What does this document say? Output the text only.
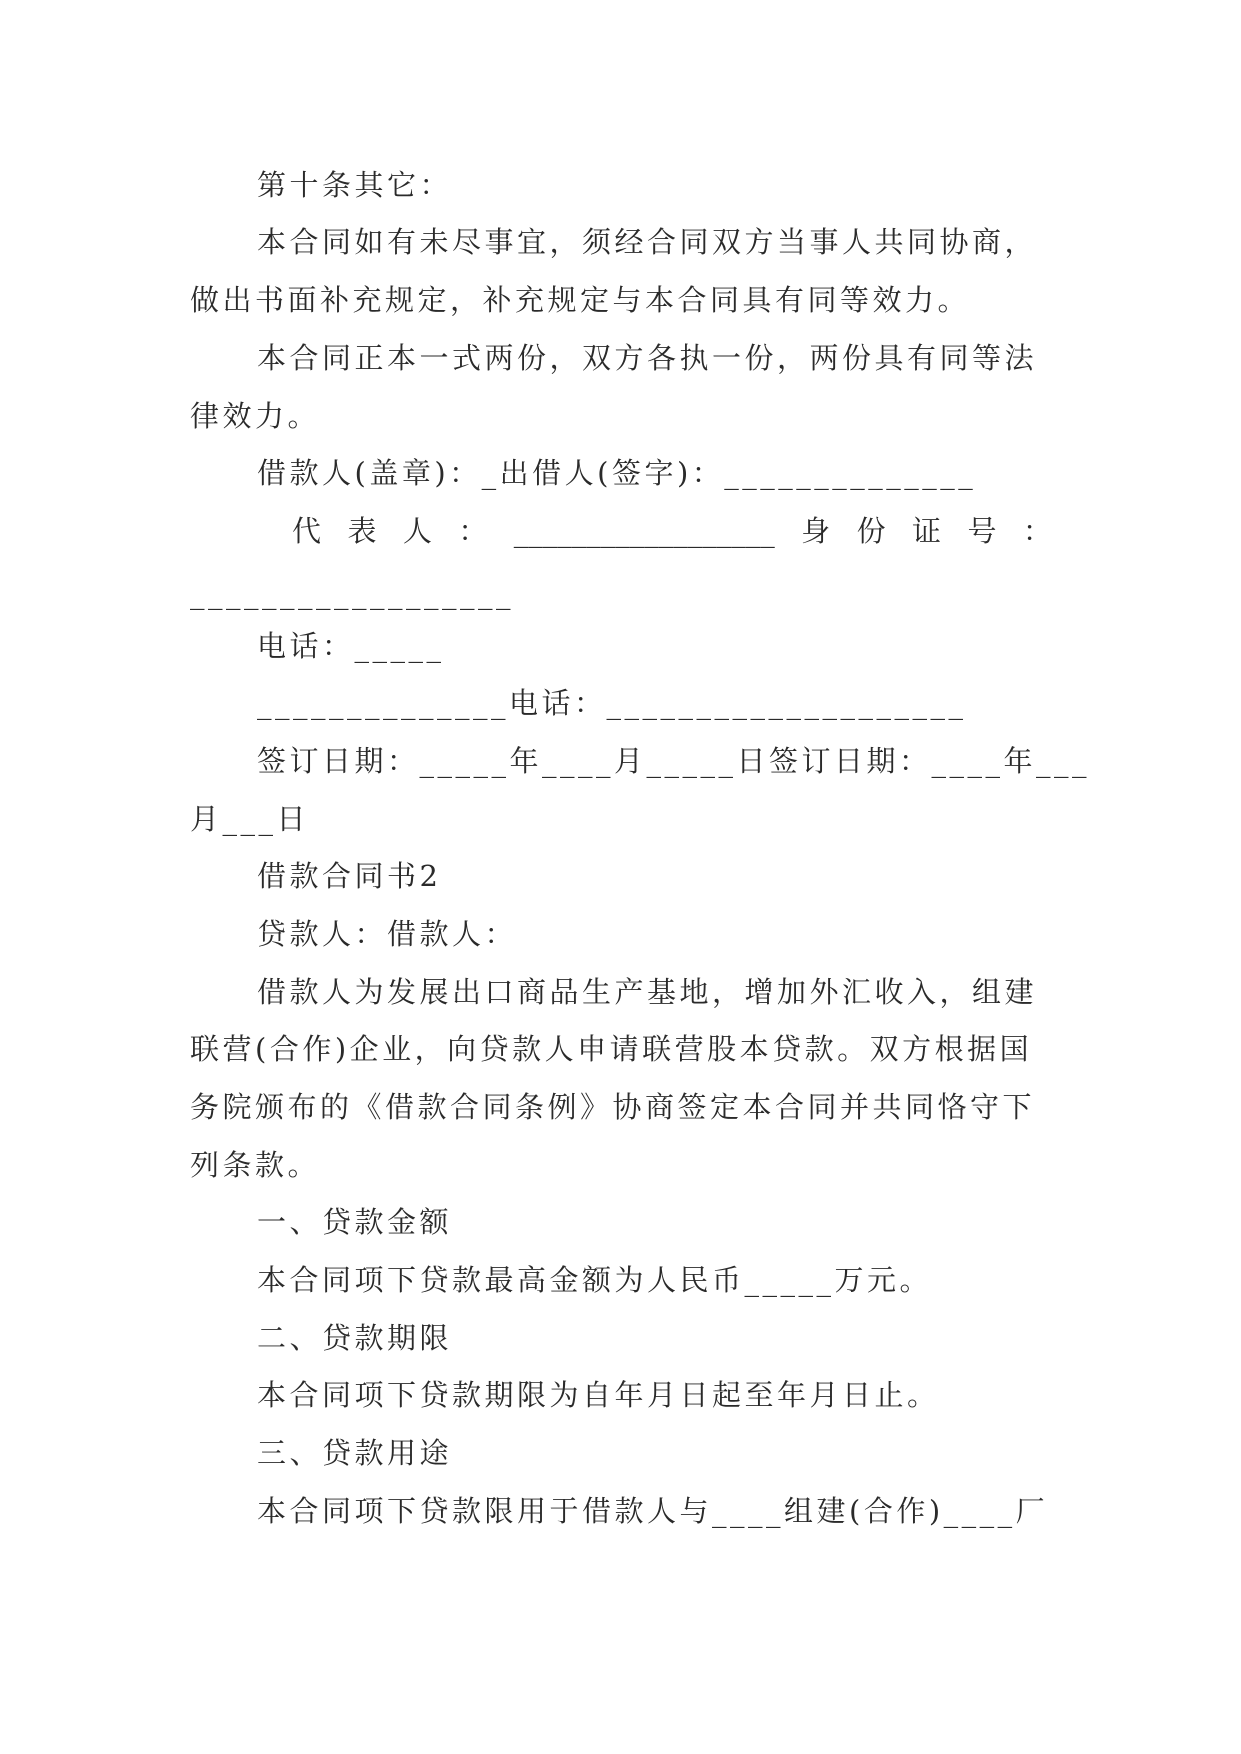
第十条其它：
本合同如有未尽事宜，须经合同双方当事人共同协商，
做出书面补充规定，补充规定与本合同具有同等效力。
本合同正本一式两份，双方各执一份，两份具有同等法
律效力。
借款人(盖章)：_出借人(签字)：______________
代 表 人 ： __________________ 身 份 证 号 ：
__________________
电话：_____
______________电话：____________________
签订日期：_____年____月_____日签订日期：____年___
月___日
借款合同书2
贷款人：借款人：
借款人为发展出口商品生产基地，增加外汇收入，组建
联营(合作)企业，向贷款人申请联营股本贷款。双方根据国
务院颁布的《借款合同条例》协商签定本合同并共同恪守下
列条款。
一、贷款金额
本合同项下贷款最高金额为人民币_____万元。
二、贷款期限
本合同项下贷款期限为自年月日起至年月日止。
三、贷款用途
本合同项下贷款限用于借款人与____组建(合作)____厂
